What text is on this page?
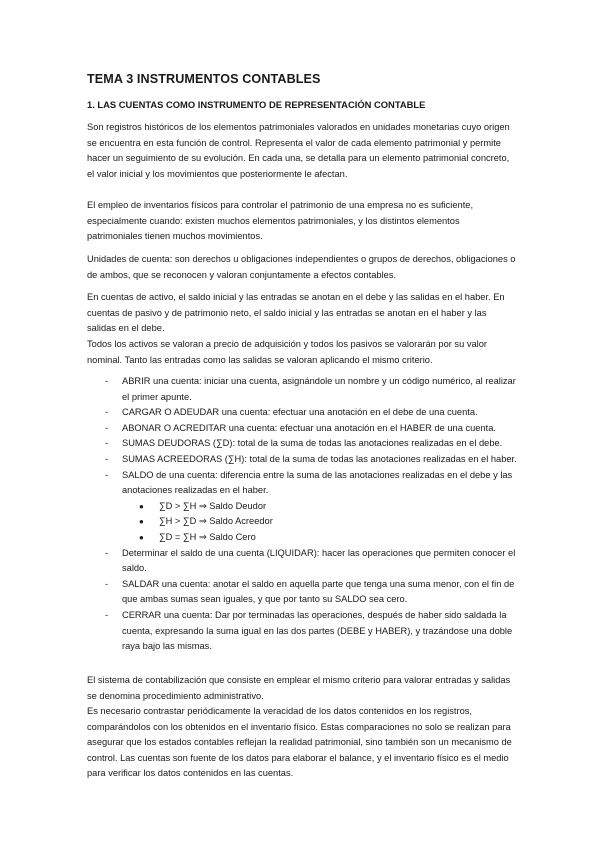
TEMA 3 INSTRUMENTOS CONTABLES
1. LAS CUENTAS COMO INSTRUMENTO DE REPRESENTACIÓN CONTABLE

Son registros históricos de los elementos patrimoniales valorados en unidades monetarias cuyo origen se encuentra en esta función de control. Representa el valor de cada elemento patrimonial y permite hacer un seguimiento de su evolución. En cada una, se detalla para un elemento patrimonial concreto, el valor inicial y los movimientos que posteriormente le afectan.

El empleo de inventarios físicos para controlar el patrimonio de una empresa no es suficiente, especialmente cuando: existen muchos elementos patrimoniales, y los distintos elementos patrimoniales tienen muchos movimientos.

Unidades de cuenta: son derechos u obligaciones independientes o grupos de derechos, obligaciones o de ambos, que se reconocen y valoran conjuntamente a efectos contables.

En cuentas de activo, el saldo inicial y las entradas se anotan en el debe y las salidas en el haber. En cuentas de pasivo y de patrimonio neto, el saldo inicial y las entradas se anotan en el haber y las salidas en el debe.

Todos los activos se valoran a precio de adquisición y todos los pasivos se valorarán por su valor nominal. Tanto las entradas como las salidas se valoran aplicando el mismo criterio.

- ABRIR una cuenta: iniciar una cuenta, asignándole un nombre y un código numérico, al realizar el primer apunte.
- CARGAR O ADEUDAR una cuenta: efectuar una anotación en el debe de una cuenta.
- ABONAR O ACREDITAR una cuenta: efectuar una anotación en el HABER de una cuenta.
- SUMAS DEUDORAS (∑D): total de la suma de todas las anotaciones realizadas en el debe.
- SUMAS ACREEDORAS (∑H): total de la suma de todas las anotaciones realizadas en el haber.
- SALDO de una cuenta: diferencia entre la suma de las anotaciones realizadas en el debe y las anotaciones realizadas en el haber.
● ∑D > ∑H ⇒ Saldo Deudor
● ∑H > ∑D ⇒ Saldo Acreedor
● ∑D = ∑H ⇒ Saldo Cero
- Determinar el saldo de una cuenta (LIQUIDAR): hacer las operaciones que permiten conocer el saldo.
- SALDAR una cuenta: anotar el saldo en aquella parte que tenga una suma menor, con el fin de que ambas sumas sean iguales, y que por tanto su SALDO sea cero.
- CERRAR una cuenta: Dar por terminadas las operaciones, después de haber sido saldada la cuenta, expresando la suma igual en las dos partes (DEBE y HABER), y trazándose una doble raya bajo las mismas.

El sistema de contabilización que consiste en emplear el mismo criterio para valorar entradas y salidas se denomina procedimiento administrativo.

Es necesario contrastar periódicamente la veracidad de los datos contenidos en los registros, comparándolos con los obtenidos en el inventario físico. Estas comparaciones no solo se realizan para asegurar que los estados contables reflejan la realidad patrimonial, sino también son un mecanismo de control. Las cuentas son fuente de los datos para elaborar el balance, y el inventario físico es el medio para verificar los datos contenidos en las cuentas.
